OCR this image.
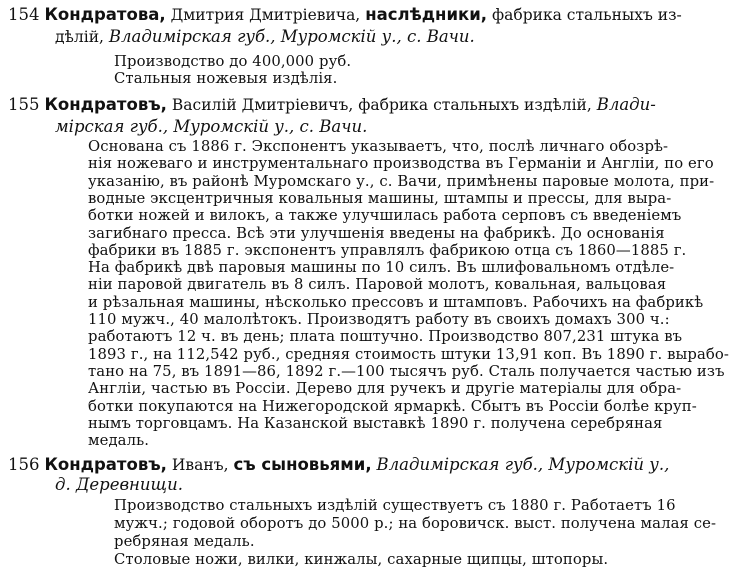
154 Кондратова, Дмитрия Дмитріевича, наслѣдники, фабрика стальныхъ из-
дѣлій, Владимірская губ., Муромскій у., с. Вачи.
Производство до 400,000 руб.
Стальныя ножевыя издѣлія.
155 Кондратовъ, Василій Дмитріевичъ, фабрика стальныхъ издѣлій, Влади-
мірская губ., Муромскій у., с. Вачи.
Основана съ 1886 г. Экспонентъ указываетъ, что, послѣ личнаго обозрѣ-
нія ножеваго и инструментальнаго производства въ Германіи и Англіи, по его
указанію, въ районѣ Муромскаго у., с. Вачи, примѣнены паровые молота, при-
водные эксцентричныя ковальныя машины, штампы и прессы, для выра-
ботки ножей и вилокъ, а также улучшилась работа серповъ съ введеніемъ
загибнаго пресса. Всѣ эти улучшенія введены на фабрикѣ. До основанія
фабрики въ 1885 г. экспонентъ управлялъ фабрикою отца съ 1860—1885 г.
На фабрикѣ двѣ паровыя машины по 10 силъ. Въ шлифовальномъ отдѣле-
ніи паровой двигатель въ 8 силъ. Паровой молотъ, ковальная, вальцовая
и рѣзальная машины, нѣсколько прессовъ и штамповъ. Рабочихъ на фабрикѣ
110 мужч., 40 малолѣтокъ. Производятъ работу въ своихъ домахъ 300 ч.:
работаютъ 12 ч. въ день; плата поштучно. Производство 807,231 штука въ
1893 г., на 112,542 руб., средняя стоимость штуки 13,91 коп. Въ 1890 г. вырабо-
тано на 75, въ 1891—86, 1892 г.—100 тысячъ руб. Сталь получается частью изъ
Англіи, частью въ Россіи. Дерево для ручекъ и другіе матеріалы для обра-
ботки покупаются на Нижегородской ярмаркѣ. Сбытъ въ Россіи болѣе круп-
нымъ торговцамъ. На Казанской выставкѣ 1890 г. получена серебряная
медаль.
156 Кондратовъ, Иванъ, съ сыновьями, Владимірская губ., Муромскій у.,
д. Деревнищи.
Производство стальныхъ издѣлій существуетъ съ 1880 г. Работаетъ 16
мужч.; годовой оборотъ до 5000 р.; на боровичск. выст. получена малая сe-
ребряная медаль.
Столовые ножи, вилки, кинжалы, сахарные щипцы, штопоры.
